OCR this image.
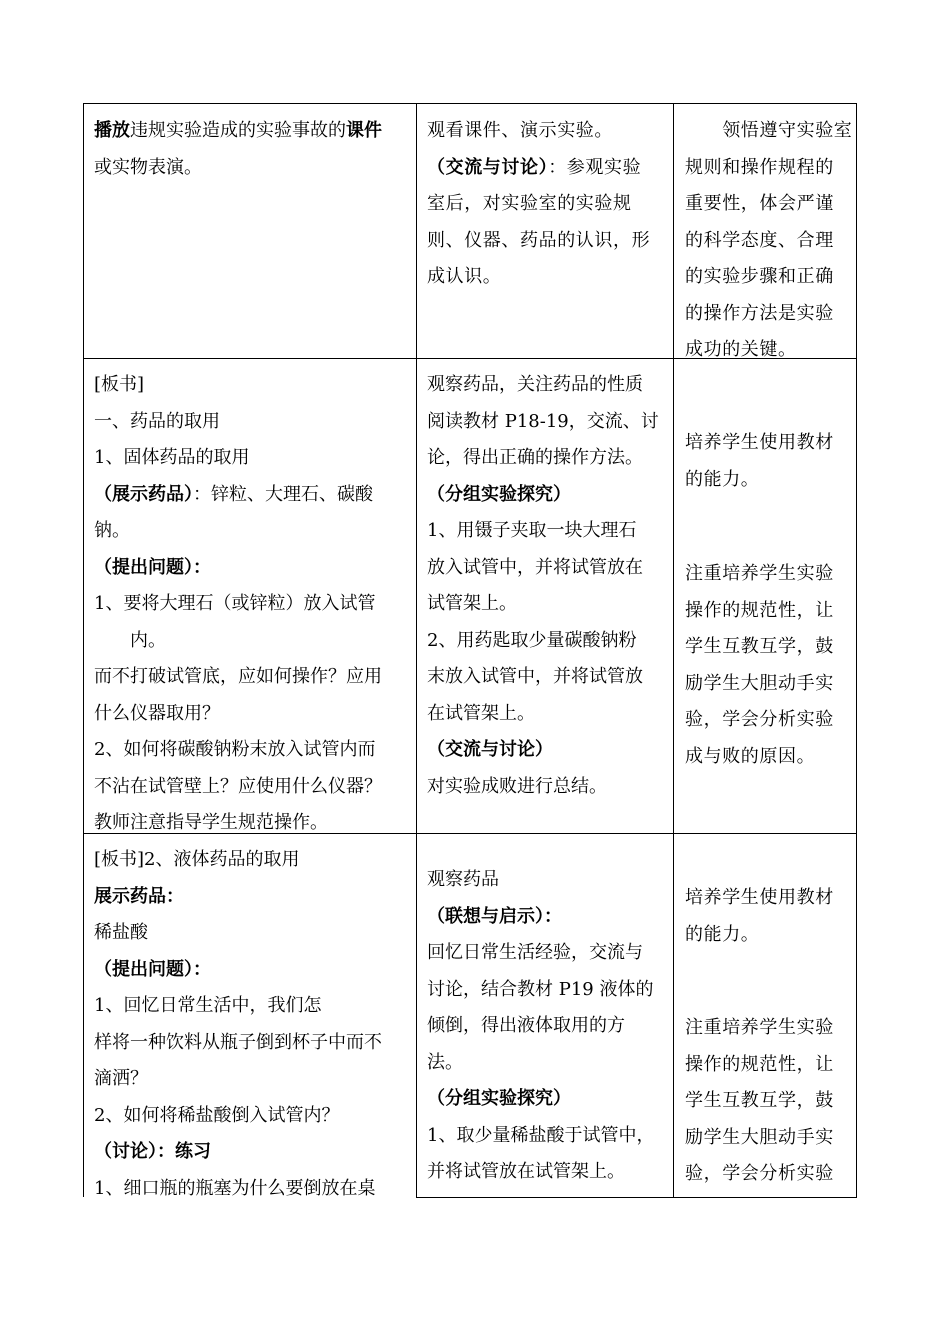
播放违规实验造成的实验事故的课件

或实物表演。

观看课件、演示实验。

（交流与讨论）：参观实验

室后，对实验室的实验规

则、仪器、药品的认识，形

成认识。

　　领悟遵守实验室

规则和操作规程的

重要性，体会严谨

的科学态度、合理

的实验步骤和正确

的操作方法是实验

成功的关键。

[板书]

一、药品的取用

1、固体药品的取用

（展示药品）：锌粒、大理石、碳酸

钠。

（提出问题）：

1、要将大理石（或锌粒）放入试管

内。

而不打破试管底，应如何操作？应用

什么仪器取用？

2、如何将碳酸钠粉末放入试管内而

不沾在试管壁上？应使用什么仪器？

教师注意指导学生规范操作。

观察药品，关注药品的性质

阅读教材 P18-19，交流、讨

论，得出正确的操作方法。

（分组实验探究）

1、用镊子夹取一块大理石

放入试管中，并将试管放在

试管架上。

2、用药匙取少量碳酸钠粉

末放入试管中，并将试管放

在试管架上。

（交流与讨论）

对实验成败进行总结。

培养学生使用教材

的能力。

注重培养学生实验

操作的规范性，让

学生互教互学，鼓

励学生大胆动手实

验，学会分析实验

成与败的原因。

[板书]2、液体药品的取用

展示药品：

稀盐酸

（提出问题）：

1、回忆日常生活中，我们怎

样将一种饮料从瓶子倒到杯子中而不

滴洒？

2、如何将稀盐酸倒入试管内？

（讨论）：练习

1、细口瓶的瓶塞为什么要倒放在桌

观察药品

（联想与启示）：

回忆日常生活经验，交流与

讨论，结合教材 P19 液体的

倾倒，得出液体取用的方

法。

（分组实验探究）

1、取少量稀盐酸于试管中，

并将试管放在试管架上。

培养学生使用教材

的能力。

注重培养学生实验

操作的规范性，让

学生互教互学，鼓

励学生大胆动手实

验，学会分析实验
